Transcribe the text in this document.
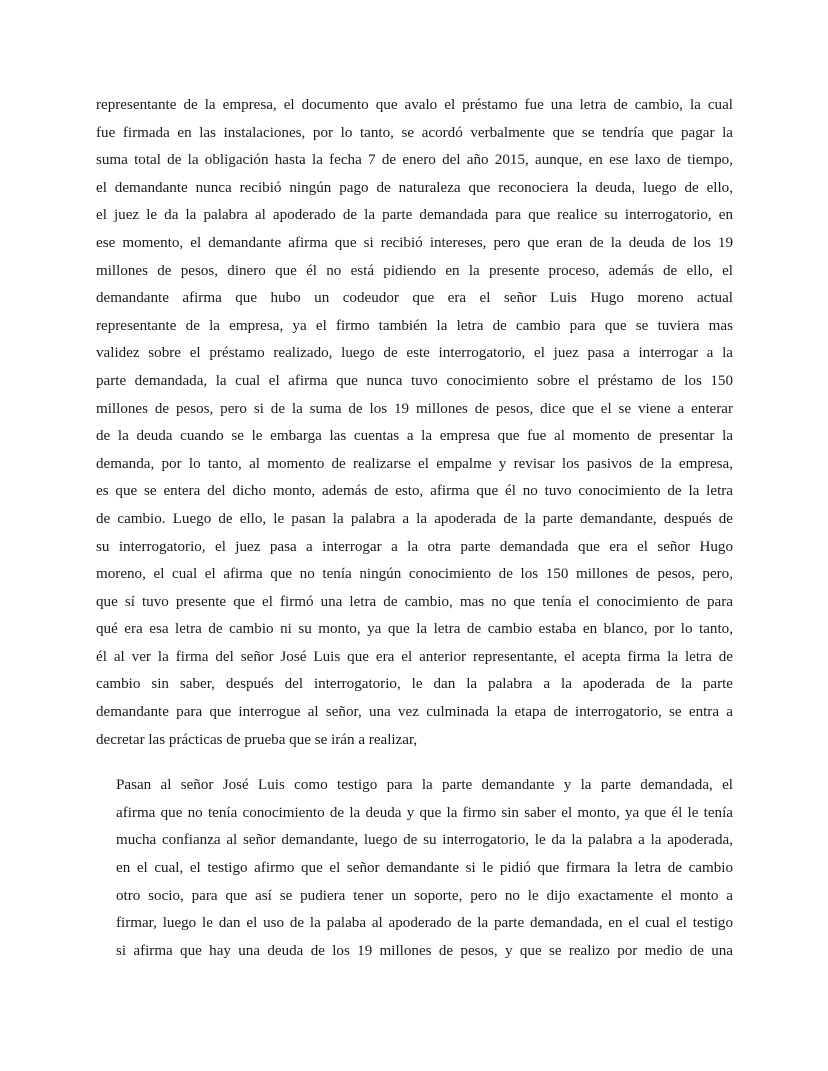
representante de la empresa, el documento que avalo el préstamo fue una letra de cambio, la cual
fue firmada en las instalaciones, por lo tanto, se acordó verbalmente que se tendría que pagar la
suma total de la obligación hasta la fecha 7 de enero del año 2015, aunque, en ese laxo de tiempo,
el demandante nunca recibió ningún pago de naturaleza que reconociera la deuda, luego de ello,
el juez le da la palabra al apoderado de la parte demandada para que realice su interrogatorio, en
ese momento, el demandante afirma que si recibió intereses, pero que eran de la deuda de los 19
millones de pesos, dinero que él no está pidiendo en la presente proceso, además de ello, el
demandante afirma que hubo un codeudor que era el señor Luis Hugo moreno actual
representante de la empresa, ya el firmo también la letra de cambio para que se tuviera mas
validez sobre el préstamo realizado, luego de este interrogatorio, el juez pasa a interrogar a la
parte demandada, la cual el afirma que nunca tuvo conocimiento sobre el préstamo de los 150
millones de pesos, pero si de la suma de los 19 millones de pesos, dice que el se viene a enterar
de la deuda cuando se le embarga las cuentas a la empresa que fue al momento de presentar la
demanda, por lo tanto, al momento de realizarse el empalme y revisar los pasivos de la empresa,
es que se entera del dicho monto, además de esto, afirma que él no tuvo conocimiento de la letra
de cambio. Luego de ello, le pasan la palabra a la apoderada de la parte demandante, después de
su interrogatorio, el juez pasa a interrogar a la otra parte demandada que era el señor Hugo
moreno, el cual el afirma que no tenía ningún conocimiento de los 150 millones de pesos, pero,
que sí tuvo presente que el firmó una letra de cambio, mas no que tenía el conocimiento de para
qué era esa letra de cambio ni su monto, ya que la letra de cambio estaba en blanco, por lo tanto,
él al ver la firma del señor José Luis que era el anterior representante, el acepta firma la letra de
cambio sin saber, después del interrogatorio, le dan la palabra a la apoderada de la parte
demandante para que interrogue al señor, una vez culminada la etapa de interrogatorio, se entra a
decretar las prácticas de prueba que se irán a realizar,
Pasan al señor José Luis como testigo para la parte demandante y la parte demandada, el
afirma que no tenía conocimiento de la deuda y que la firmo sin saber el monto, ya que él le tenía
mucha confianza al señor demandante, luego de su interrogatorio, le da la palabra a la apoderada,
en el cual, el testigo afirmo que el señor demandante si le pidió que firmara la letra de cambio
otro socio, para que así se pudiera tener un soporte, pero no le dijo exactamente el monto a
firmar, luego le dan el uso de la palaba al apoderado de la parte demandada, en el cual el testigo
si afirma que hay una deuda de los 19 millones de pesos, y que se realizo por medio de una
